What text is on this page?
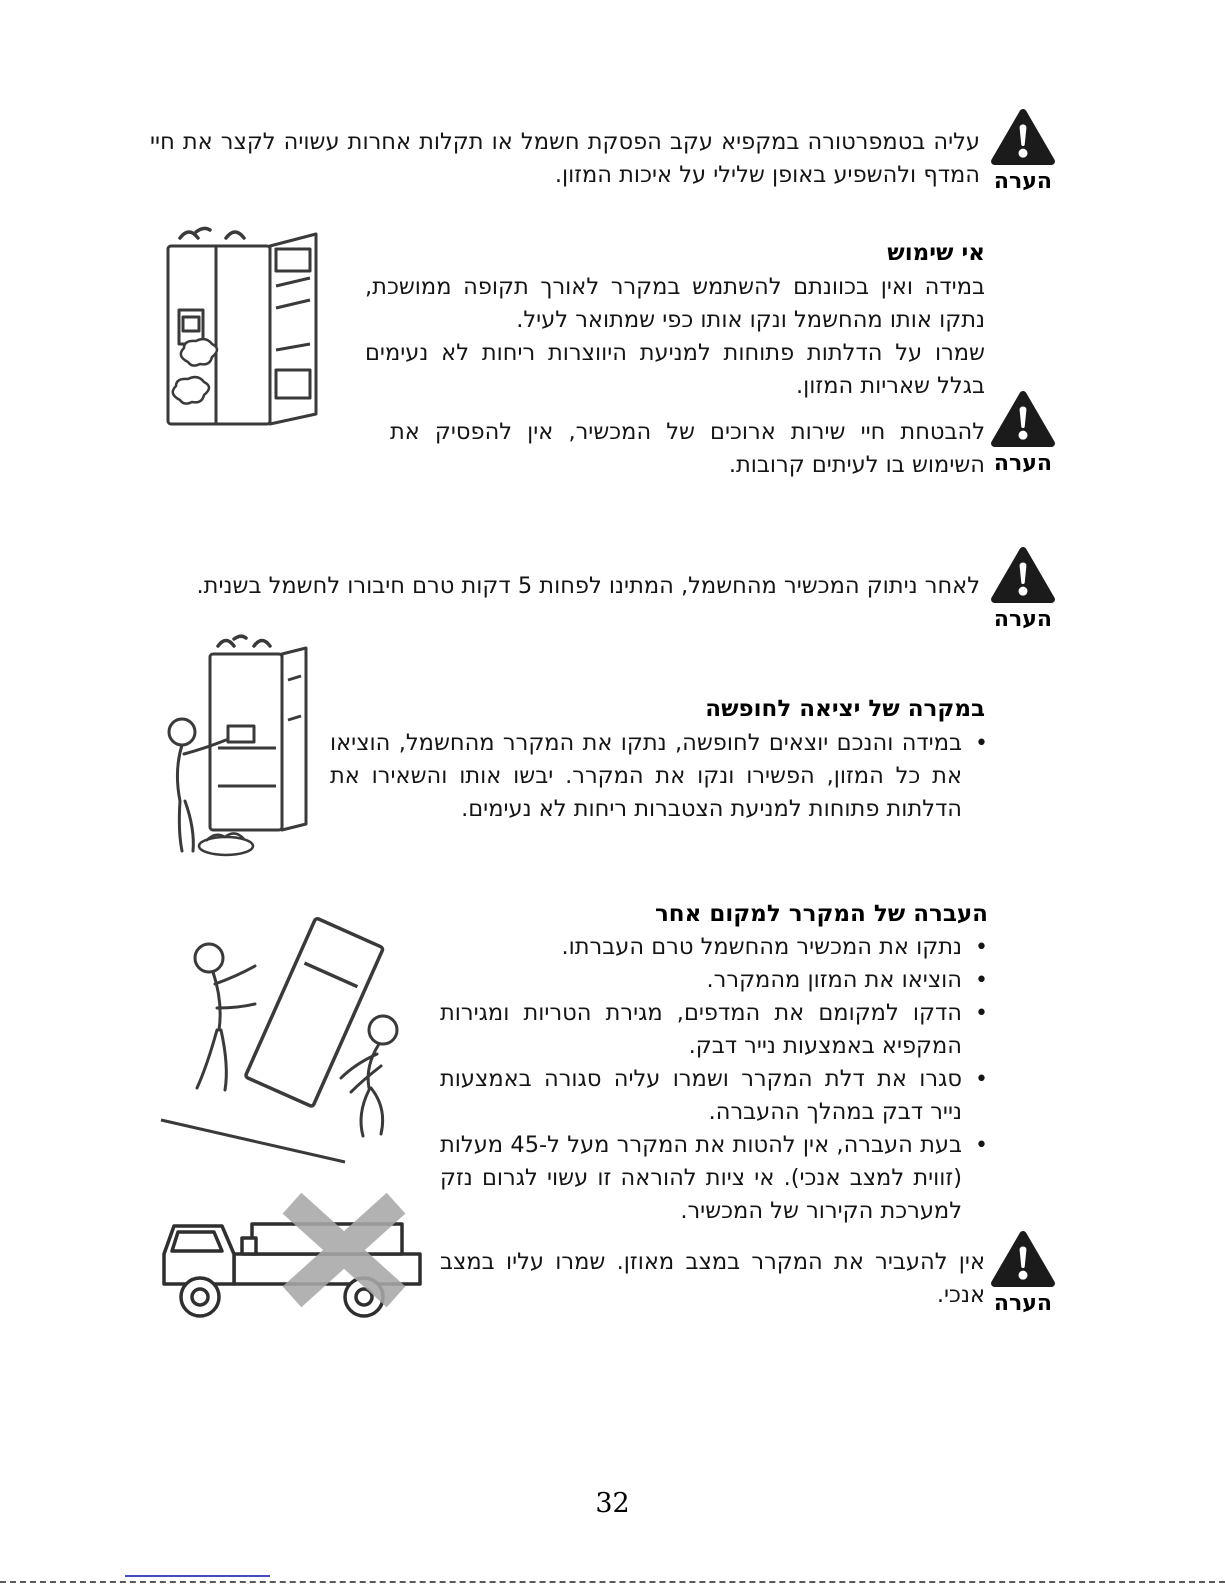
הערה

עליה בטמפרטורה במקפיא עקב הפסקת חשמל או תקלות אחרות עשויה לקצר את חיי המדף ולהשפיע באופן שלילי על איכות המזון.

אי שימוש

במידה ואין בכוונתם להשתמש במקרר לאורך תקופה ממושכת, נתקו אותו מהחשמל ונקו אותו כפי שמתואר לעיל.

שמרו על הדלתות פתוחות למניעת היווצרות ריחות לא נעימים בגלל שאריות המזון.

הערה

להבטחת חיי שירות ארוכים של המכשיר, אין להפסיק את השימוש בו לעיתים קרובות.

הערה

לאחר ניתוק המכשיר מהחשמל, המתינו לפחות 5 דקות טרם חיבורו לחשמל בשנית.

במקרה של יציאה לחופשה
•

במידה והנכם יוצאים לחופשה, נתקו את המקרר מהחשמל, הוציאו את כל המזון, הפשירו ונקו את המקרר. יבשו אותו והשאירו את הדלתות פתוחות למניעת הצטברות ריחות לא נעימים.

העברה של המקרר למקום אחר
•

נתקו את המכשיר מהחשמל טרם העברתו.

•

הוציאו את המזון מהמקרר.

•

הדקו למקומם את המדפים, מגירת הטריות ומגירות המקפיא באמצעות נייר דבק.

•

סגרו את דלת המקרר ושמרו עליה סגורה באמצעות נייר דבק במהלך ההעברה.

•

בעת העברה, אין להטות את המקרר מעל ל-45 מעלות (זווית למצב אנכי). אי ציות להוראה זו עשוי לגרום נזק למערכת הקירור של המכשיר.

הערה

אין להעביר את המקרר במצב מאוזן. שמרו עליו במצב אנכי.

32
